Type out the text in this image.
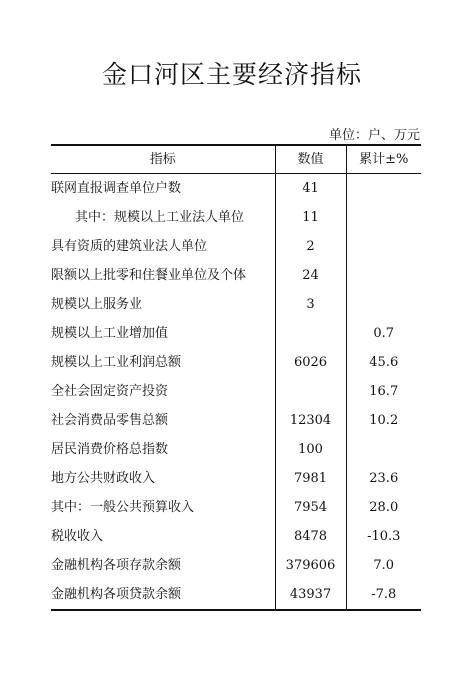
金口河区主要经济指标
单位：户、万元
指标	数值	累计±%
联网直报调查单位户数	41	
其中：规模以上工业法人单位	11	
具有资质的建筑业法人单位	2	
限额以上批零和住餐业单位及个体	24	
规模以上服务业	3	
规模以上工业增加值		0.7
规模以上工业利润总额	6026	45.6
全社会固定资产投资		16.7
社会消费品零售总额	12304	10.2
居民消费价格总指数	100	
地方公共财政收入	7981	23.6
其中：一般公共预算收入	7954	28.0
税收收入	8478	-10.3
金融机构各项存款余额	379606	7.0
金融机构各项贷款余额	43937	-7.8
